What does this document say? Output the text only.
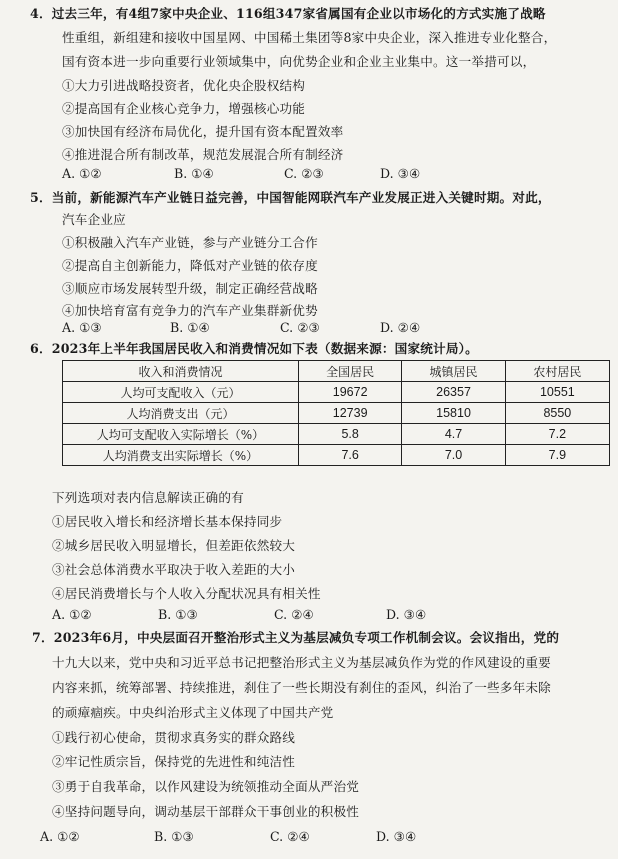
4．过去三年，有4组7家中央企业、116组347家省属国有企业以市场化的方式实施了战略
性重组，新组建和接收中国星网、中国稀土集团等8家中央企业，深入推进专业化整合，
国有资本进一步向重要行业领域集中，向优势企业和企业主业集中。这一举措可以，
①大力引进战略投资者，优化央企股权结构
②提高国有企业核心竞争力，增强核心功能
③加快国有经济布局优化，提升国有资本配置效率
④推进混合所有制改革，规范发展混合所有制经济
A. ①②	B. ①④	C. ②③	D. ③④
5．当前，新能源汽车产业链日益完善，中国智能网联汽车产业发展正进入关键时期。对此，
汽车企业应
①积极融入汽车产业链，参与产业链分工合作
②提高自主创新能力，降低对产业链的依存度
③顺应市场发展转型升级，制定正确经营战略
④加快培育富有竞争力的汽车产业集群新优势
A. ①③	B. ①④	C. ②③	D. ②④
6．2023年上半年我国居民收入和消费情况如下表（数据来源：国家统计局）。
收入和消费情况	全国居民	城镇居民	农村居民
人均可支配收入（元）	19672	26357	10551
人均消费支出（元）	12739	15810	8550
人均可支配收入实际增长（%）	5.8	4.7	7.2
人均消费支出实际增长（%）	7.6	7.0	7.9
下列选项对表内信息解读正确的有
①居民收入增长和经济增长基本保持同步
②城乡居民收入明显增长，但差距依然较大
③社会总体消费水平取决于收入差距的大小
④居民消费增长与个人收入分配状况具有相关性
A. ①②	B. ①③	C. ②④	D. ③④
7．2023年6月，中央层面召开整治形式主义为基层减负专项工作机制会议。会议指出，党的
十九大以来，党中央和习近平总书记把整治形式主义为基层减负作为党的作风建设的重要
内容来抓，统筹部署、持续推进，刹住了一些长期没有刹住的歪风，纠治了一些多年未除
的顽瘴痼疾。中央纠治形式主义体现了中国共产党
①践行初心使命，贯彻求真务实的群众路线
②牢记性质宗旨，保持党的先进性和纯洁性
③勇于自我革命，以作风建设为统领推动全面从严治党
④坚持问题导向，调动基层干部群众干事创业的积极性
A. ①②	B. ①③	C. ②④	D. ③④
